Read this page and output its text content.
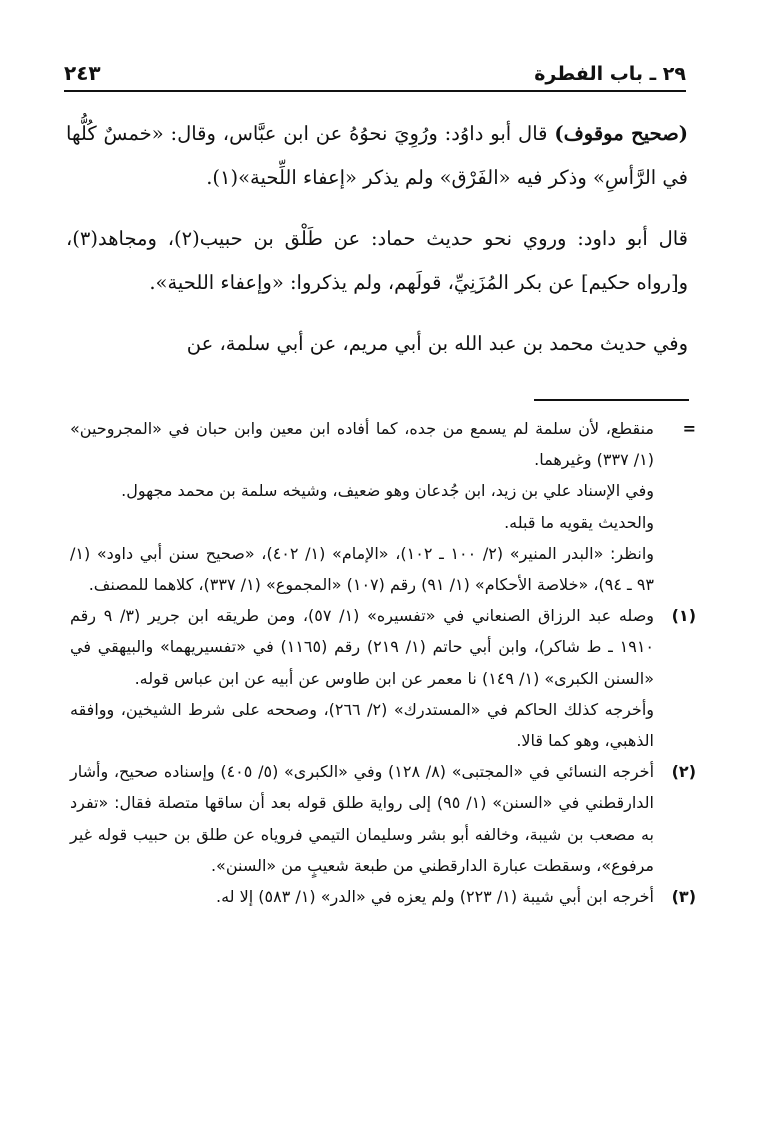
٢٩ ـ باب الفطرة
٢٤٣

(صحيح موقوف) قال أبو داوُد: ورُوِيَ نحوُهُ عن ابن عبَّاس، وقال: «خمسٌ كُلُّها في الرَّأسِ» وذكر فيه «الفَرْق» ولم يذكر «إعفاء اللِّحية»(١).

قال أبو داود: وروي نحو حديث حماد: عن طَلْق بن حبيب(٢)، ومجاهد(٣)، و[رواه حكيم] عن بكر المُزَنِيِّ، قولَهم، ولم يذكروا: «وإعفاء اللحية».

وفي حديث محمد بن عبد الله بن أبي مريم، عن أبي سلمة، عن

=

منقطع، لأن سلمة لم يسمع من جده، كما أفاده ابن معين وابن حبان في «المجروحين» (١/ ٣٣٧) وغيرهما.

وفي الإسناد علي بن زيد، ابن جُدعان وهو ضعيف، وشيخه سلمة بن محمد مجهول.

والحديث يقويه ما قبله.

وانظر: «البدر المنير» (٢/ ١٠٠ ـ ١٠٢)، «الإمام» (١/ ٤٠٢)، «صحيح سنن أبي داود» (١/ ٩٣ ـ ٩٤)، «خلاصة الأحكام» (١/ ٩١) رقم (١٠٧) «المجموع» (١/ ٣٣٧)، كلاهما للمصنف.

(١)

وصله عبد الرزاق الصنعاني في «تفسيره» (١/ ٥٧)، ومن طريقه ابن جرير (٣/ ٩ رقم ١٩١٠ ـ ط شاكر)، وابن أبي حاتم (١/ ٢١٩) رقم (١١٦٥) في «تفسيريهما» والبيهقي في «السنن الكبرى» (١/ ١٤٩) نا معمر عن ابن طاوس عن أبيه عن ابن عباس قوله.

وأخرجه كذلك الحاكم في «المستدرك» (٢/ ٢٦٦)، وصححه على شرط الشيخين، ووافقه الذهبي، وهو كما قالا.

(٢)

أخرجه النسائي في «المجتبى» (٨/ ١٢٨) وفي «الكبرى» (٥/ ٤٠٥) وإسناده صحيح، وأشار الدارقطني في «السنن» (١/ ٩٥) إلى رواية طلق قوله بعد أن ساقها متصلة فقال: «تفرد به مصعب بن شيبة، وخالفه أبو بشر وسليمان التيمي فروياه عن طلق بن حبيب قوله غير مرفوع»، وسقطت عبارة الدارقطني من طبعة شعيبٍ من «السنن».

(٣)

أخرجه ابن أبي شيبة (١/ ٢٢٣) ولم يعزه في «الدر» (١/ ٥٨٣) إلا له.
